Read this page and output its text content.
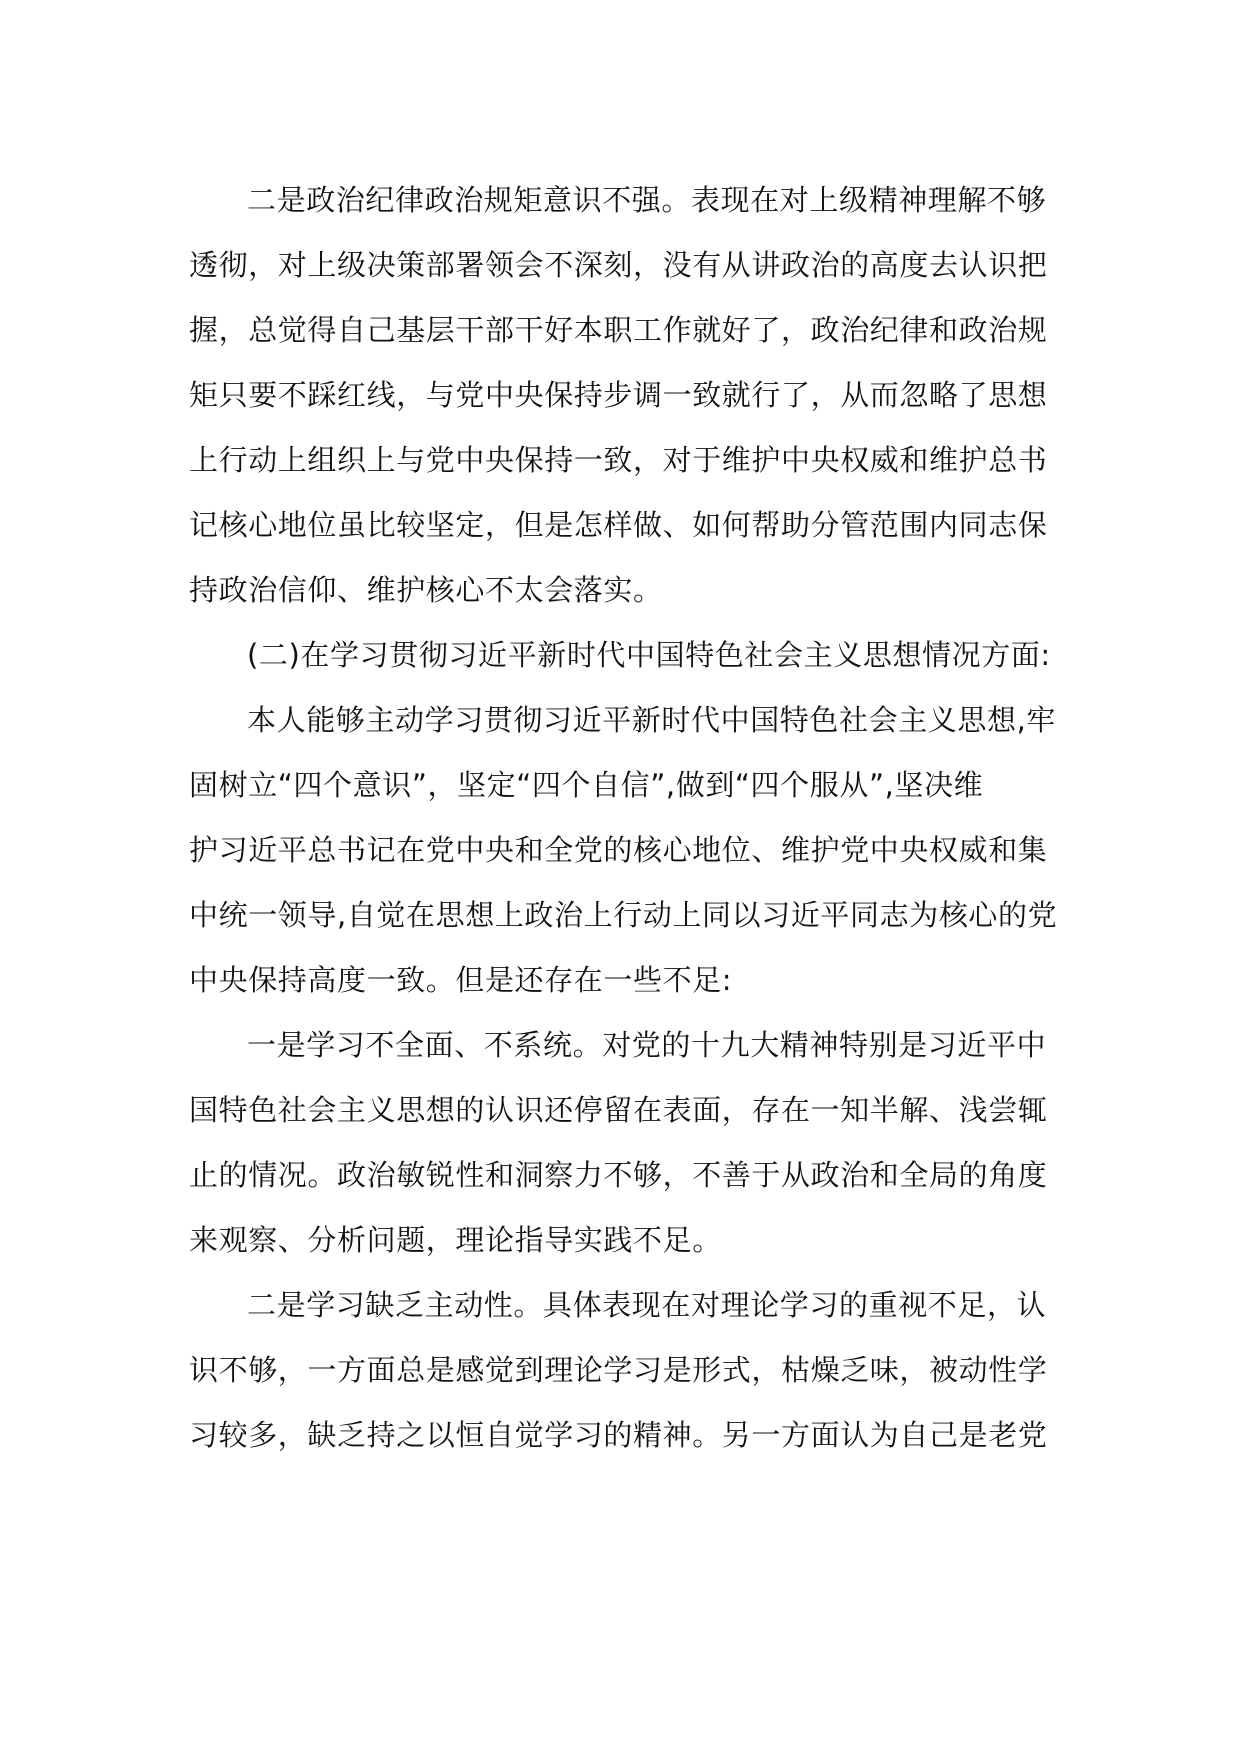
二是政治纪律政治规矩意识不强。表现在对上级精神理解不够
透彻，对上级决策部署领会不深刻，没有从讲政治的高度去认识把
握，总觉得自己基层干部干好本职工作就好了，政治纪律和政治规
矩只要不踩红线，与党中央保持步调一致就行了，从而忽略了思想
上行动上组织上与党中央保持一致，对于维护中央权威和维护总书
记核心地位虽比较坚定，但是怎样做、如何帮助分管范围内同志保
持政治信仰、维护核心不太会落实。
(二)在学习贯彻习近平新时代中国特色社会主义思想情况方面:
本人能够主动学习贯彻习近平新时代中国特色社会主义思想,牢
固树立“四个意识”，坚定“四个自信”,做到“四个服从”,坚决维
护习近平总书记在党中央和全党的核心地位、维护党中央权威和集
中统一领导,自觉在思想上政治上行动上同以习近平同志为核心的党
中央保持高度一致。但是还存在一些不足:
一是学习不全面、不系统。对党的十九大精神特别是习近平中
国特色社会主义思想的认识还停留在表面，存在一知半解、浅尝辄
止的情况。政治敏锐性和洞察力不够，不善于从政治和全局的角度
来观察、分析问题，理论指导实践不足。
二是学习缺乏主动性。具体表现在对理论学习的重视不足，认
识不够，一方面总是感觉到理论学习是形式，枯燥乏味，被动性学
习较多，缺乏持之以恒自觉学习的精神。另一方面认为自己是老党
